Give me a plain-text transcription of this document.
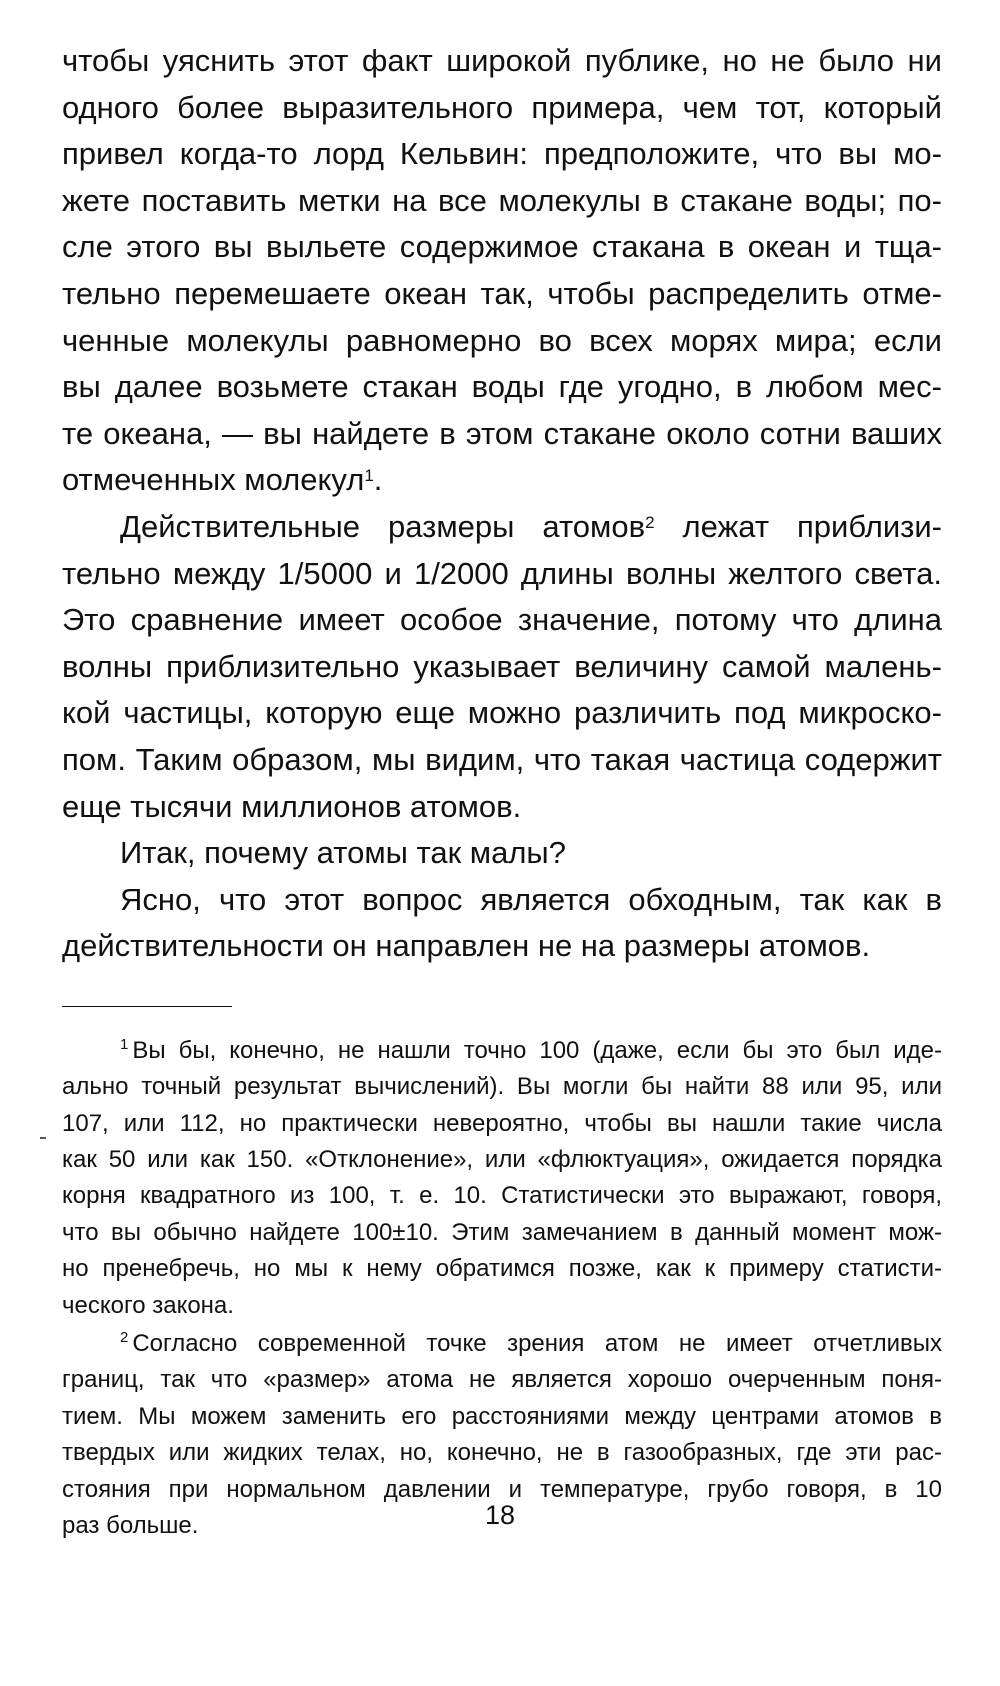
чтобы уяснить этот факт широкой публике, но не было ни
одного более выразительного примера, чем тот, который
привел когда-то лорд Кельвин: предположите, что вы мо-
жете поставить метки на все молекулы в стакане воды; по-
сле этого вы выльете содержимое стакана в океан и тща-
тельно перемешаете океан так, чтобы распределить отме-
ченные молекулы равномерно во всех морях мира; если
вы далее возьмете стакан воды где угодно, в любом мес-
те океана, — вы найдете в этом стакане около сотни ваших
отмеченных молекул$^1$.
Действительные размеры атомов$^2$ лежат приблизи-
тельно между 1/5000 и 1/2000 длины волны желтого света.
Это сравнение имеет особое значение, потому что длина
волны приблизительно указывает величину самой малень-
кой частицы, которую еще можно различить под микроско-
пом. Таким образом, мы видим, что такая частица содержит
еще тысячи миллионов атомов.
Итак, почему атомы так малы?
Ясно, что этот вопрос является обходным, так как в
действительности он направлен не на размеры атомов.
$^1$ Вы бы, конечно, не нашли точно 100 (даже, если бы это был иде-
ально точный результат вычислений). Вы могли бы найти 88 или 95, или
107, или 112, но практически невероятно, чтобы вы нашли такие числа
как 50 или как 150. «Отклонение», или «флюктуация», ожидается порядка
корня квадратного из 100, т. е. 10. Статистически это выражают, говоря,
что вы обычно найдете 100±10. Этим замечанием в данный момент мож-
но пренебречь, но мы к нему обратимся позже, как к примеру статисти-
ческого закона.
$^2$ Согласно современной точке зрения атом не имеет отчетливых
границ, так что «размер» атома не является хорошо очерченным поня-
тием. Мы можем заменить его расстояниями между центрами атомов в
твердых или жидких телах, но, конечно, не в газообразных, где эти рас-
стояния при нормальном давлении и температуре, грубо говоря, в 10
раз больше.	18
